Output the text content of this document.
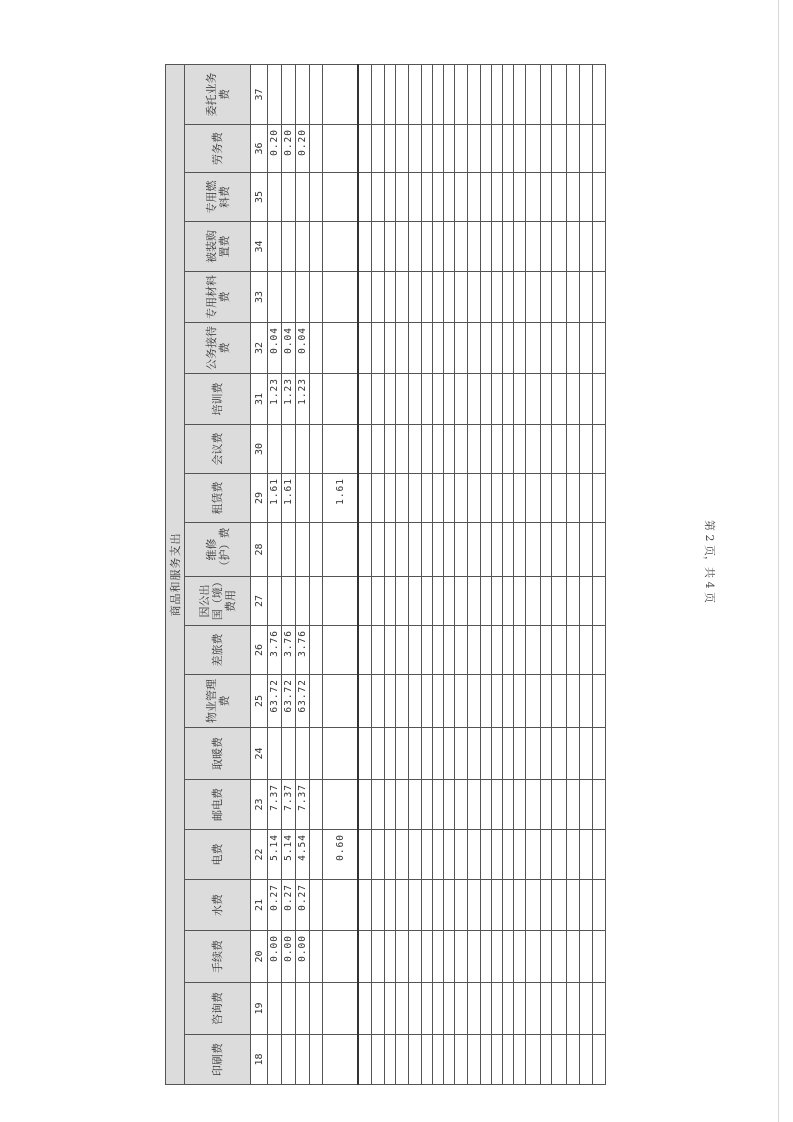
商品和服务支出																			
印刷费	咨询费	手续费	水费	电费	邮电费	取暖费	物业管理费	差旅费	因公出国（境）费用	维修（护）费	租赁费	会议费	培训费	公务接待费	专用材料费	被装购置费	专用燃料费	劳务费	委托业务费
18	19	20	21	22	23	24	25	26	27	28	29	30	31	32	33	34	35	36	37
		0.00	0.27	5.14	7.37		63.72	3.76			1.61		1.23	0.04				0.20	
		0.00	0.27	5.14	7.37		63.72	3.76			1.61		1.23	0.04				0.20	
		0.00	0.27	4.54	7.37		63.72	3.76					1.23	0.04				0.20	

				0.60							1.61								

第 2 页，共 4 页
